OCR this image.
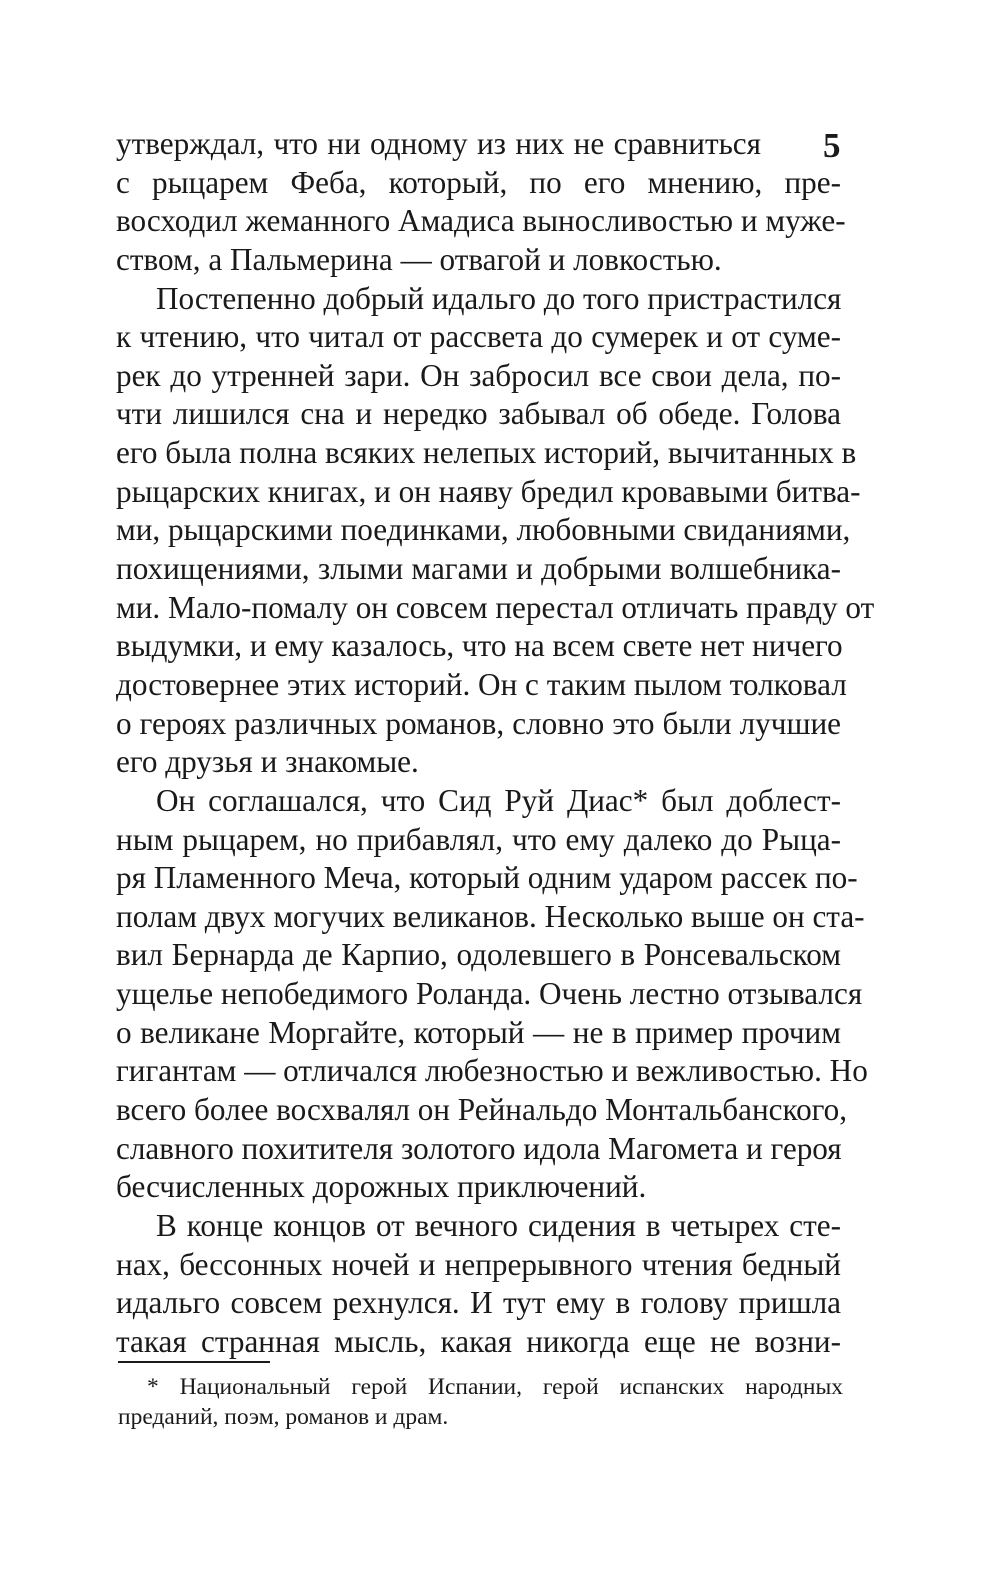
5
утверждал, что ни одному из них не сравниться
с рыцарем Феба, который, по его мнению, пре-
восходил жеманного Амадиса выносливостью и муже-
ством, а Пальмерина — отвагой и ловкостью.
Постепенно добрый идальго до того пристрастился
к чтению, что читал от рассвета до сумерек и от суме-
рек до утренней зари. Он забросил все свои дела, по-
чти лишился сна и нередко забывал об обеде. Голова
его была полна всяких нелепых историй, вычитанных в
рыцарских книгах, и он наяву бредил кровавыми битва-
ми, рыцарскими поединками, любовными свиданиями,
похищениями, злыми магами и добрыми волшебника-
ми. Мало-помалу он совсем перестал отличать правду от
выдумки, и ему казалось, что на всем свете нет ничего
достовернее этих историй. Он с таким пылом толковал
о героях различных романов, словно это были лучшие
его друзья и знакомые.
Он соглашался, что Сид Руй Диас* был доблест-
ным рыцарем, но прибавлял, что ему далеко до Рыца-
ря Пламенного Меча, который одним ударом рассек по-
полам двух могучих великанов. Несколько выше он ста-
вил Бернарда де Карпио, одолевшего в Ронсевальском
ущелье непобедимого Роланда. Очень лестно отзывался
о великане Моргайте, который — не в пример прочим
гигантам — отличался любезностью и вежливостью. Но
всего более восхвалял он Рейнальдо Монтальбанского,
славного похитителя золотого идола Магомета и героя
бесчисленных дорожных приключений.
В конце концов от вечного сидения в четырех сте-
нах, бессонных ночей и непрерывного чтения бедный
идальго совсем рехнулся. И тут ему в голову пришла
такая странная мысль, какая никогда еще не возни-
* Национальный герой Испании, герой испанских народных
преданий, поэм, романов и драм.
